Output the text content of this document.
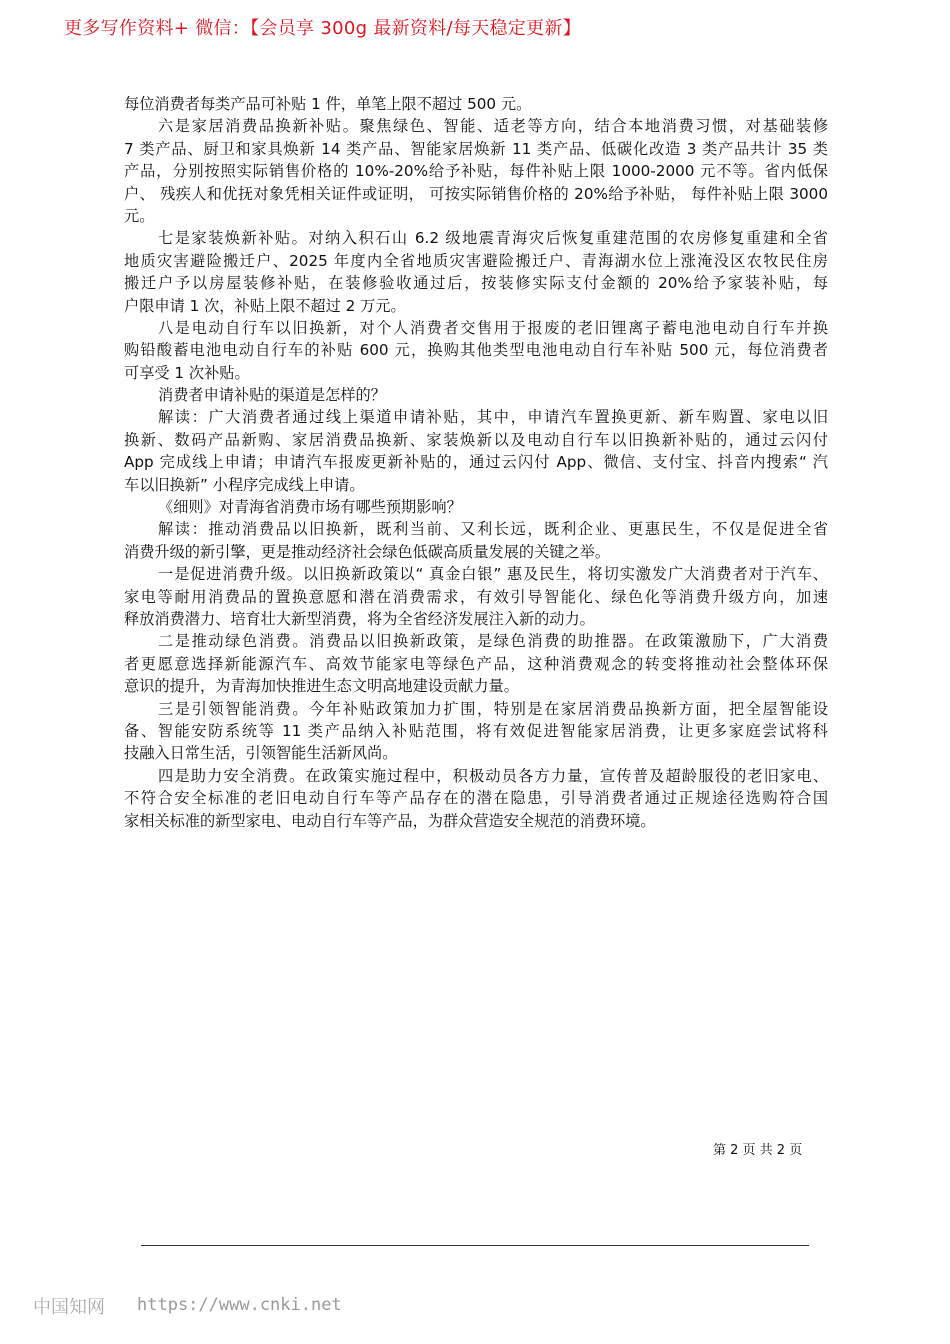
更多写作资料+ 微信：【会员享 300g 最新资料/每天稳定更新】
每位消费者每类产品可补贴 1 件，单笔上限不超过 500 元。
六是家居消费品换新补贴。聚焦绿色、智能、适老等方向，结合本地消费习惯，对基础装修
7 类产品、厨卫和家具焕新 14 类产品、智能家居焕新 11 类产品、低碳化改造 3 类产品共计 35 类
产品，分别按照实际销售价格的 10%-20%给予补贴，每件补贴上限 1000-2000 元不等。省内低保
户、 残疾人和优抚对象凭相关证件或证明， 可按实际销售价格的 20%给予补贴， 每件补贴上限 3000
元。
七是家装焕新补贴。对纳入积石山 6.2 级地震青海灾后恢复重建范围的农房修复重建和全省
地质灾害避险搬迁户、2025 年度内全省地质灾害避险搬迁户、青海湖水位上涨淹没区农牧民住房
搬迁户予以房屋装修补贴，在装修验收通过后，按装修实际支付金额的 20%给予家装补贴，每
户限申请 1 次，补贴上限不超过 2 万元。
八是电动自行车以旧换新，对个人消费者交售用于报废的老旧锂离子蓄电池电动自行车并换
购铅酸蓄电池电动自行车的补贴 600 元，换购其他类型电池电动自行车补贴 500 元，每位消费者
可享受 1 次补贴。
消费者申请补贴的渠道是怎样的？
解读：广大消费者通过线上渠道申请补贴，其中，申请汽车置换更新、新车购置、家电以旧
换新、数码产品新购、家居消费品换新、家装焕新以及电动自行车以旧换新补贴的，通过云闪付
App 完成线上申请；申请汽车报废更新补贴的，通过云闪付 App、微信、支付宝、抖音内搜索“ 汽
车以旧换新” 小程序完成线上申请。
《细则》对青海省消费市场有哪些预期影响？
解读：推动消费品以旧换新，既利当前、又利长远，既利企业、更惠民生，不仅是促进全省
消费升级的新引擎，更是推动经济社会绿色低碳高质量发展的关键之举。
一是促进消费升级。以旧换新政策以“ 真金白银” 惠及民生，将切实激发广大消费者对于汽车、
家电等耐用消费品的置换意愿和潜在消费需求，有效引导智能化、绿色化等消费升级方向，加速
释放消费潜力、培育壮大新型消费，将为全省经济发展注入新的动力。
二是推动绿色消费。消费品以旧换新政策，是绿色消费的助推器。在政策激励下，广大消费
者更愿意选择新能源汽车、高效节能家电等绿色产品，这种消费观念的转变将推动社会整体环保
意识的提升，为青海加快推进生态文明高地建设贡献力量。
三是引领智能消费。今年补贴政策加力扩围，特别是在家居消费品换新方面，把全屋智能设
备、智能安防系统等 11 类产品纳入补贴范围，将有效促进智能家居消费，让更多家庭尝试将科
技融入日常生活，引领智能生活新风尚。
四是助力安全消费。在政策实施过程中，积极动员各方力量，宣传普及超龄服役的老旧家电、
不符合安全标准的老旧电动自行车等产品存在的潜在隐患，引导消费者通过正规途径选购符合国
家相关标准的新型家电、电动自行车等产品，为群众营造安全规范的消费环境。
第 2 页 共 2 页
中国知网 https://www.cnki.net
